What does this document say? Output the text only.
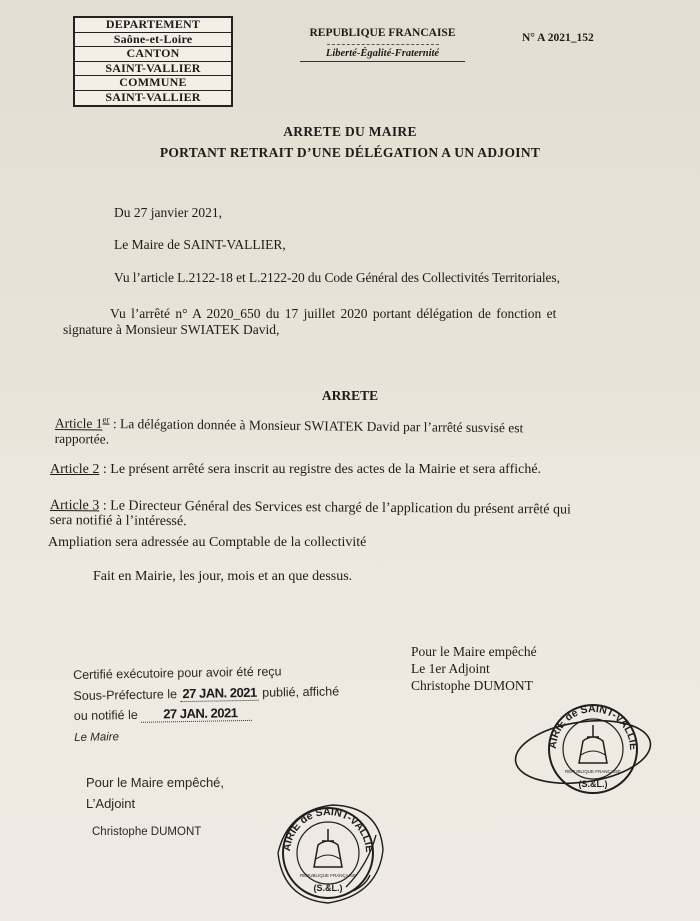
DEPARTEMENT
Saône-et-Loire
CANTON
SAINT-VALLIER
COMMUNE
SAINT-VALLIER
REPUBLIQUE FRANCAISE
Liberté-Égalité-Fraternité
N° A 2021_152
ARRETE DU MAIRE
PORTANT RETRAIT D’UNE DÉLÉGATION A UN ADJOINT
Du 27 janvier 2021,
Le Maire de SAINT-VALLIER,
Vu l’article L.2122-18 et L.2122-20 du Code Général des Collectivités Territoriales,
Vu l’arrêté n° A 2020_650 du 17 juillet 2020 portant délégation de fonction et
signature à Monsieur SWIATEK David,
ARRETE
Article 1er : La délégation donnée à Monsieur SWIATEK David par l’arrêté susvisé est
rapportée.
Article 2 : Le présent arrêté sera inscrit au registre des actes de la Mairie et sera affiché.
Article 3 : Le Directeur Général des Services est chargé de l’application du présent arrêté qui
sera notifié à l’intéressé.
Ampliation sera adressée au Comptable de la collectivité
Fait en Mairie, les jour, mois et an que dessus.
Pour le Maire empêché
Le 1er Adjoint
Christophe DUMONT
Certifié exécutoire pour avoir été reçu
Sous-Préfecture le 27 JAN. 2021 publié, affiché
ou notifié le 27 JAN. 2021
Le Maire
Pour le Maire empêché,
L’Adjoint
Christophe DUMONT
AIRIE de SAINT-VALLIE
RÉPUBLIQUE FRANÇAISE
(S.&L.)
AIRIE de SAINT-VALLIE
RÉPUBLIQUE FRANÇAISE
(S.&L.)
